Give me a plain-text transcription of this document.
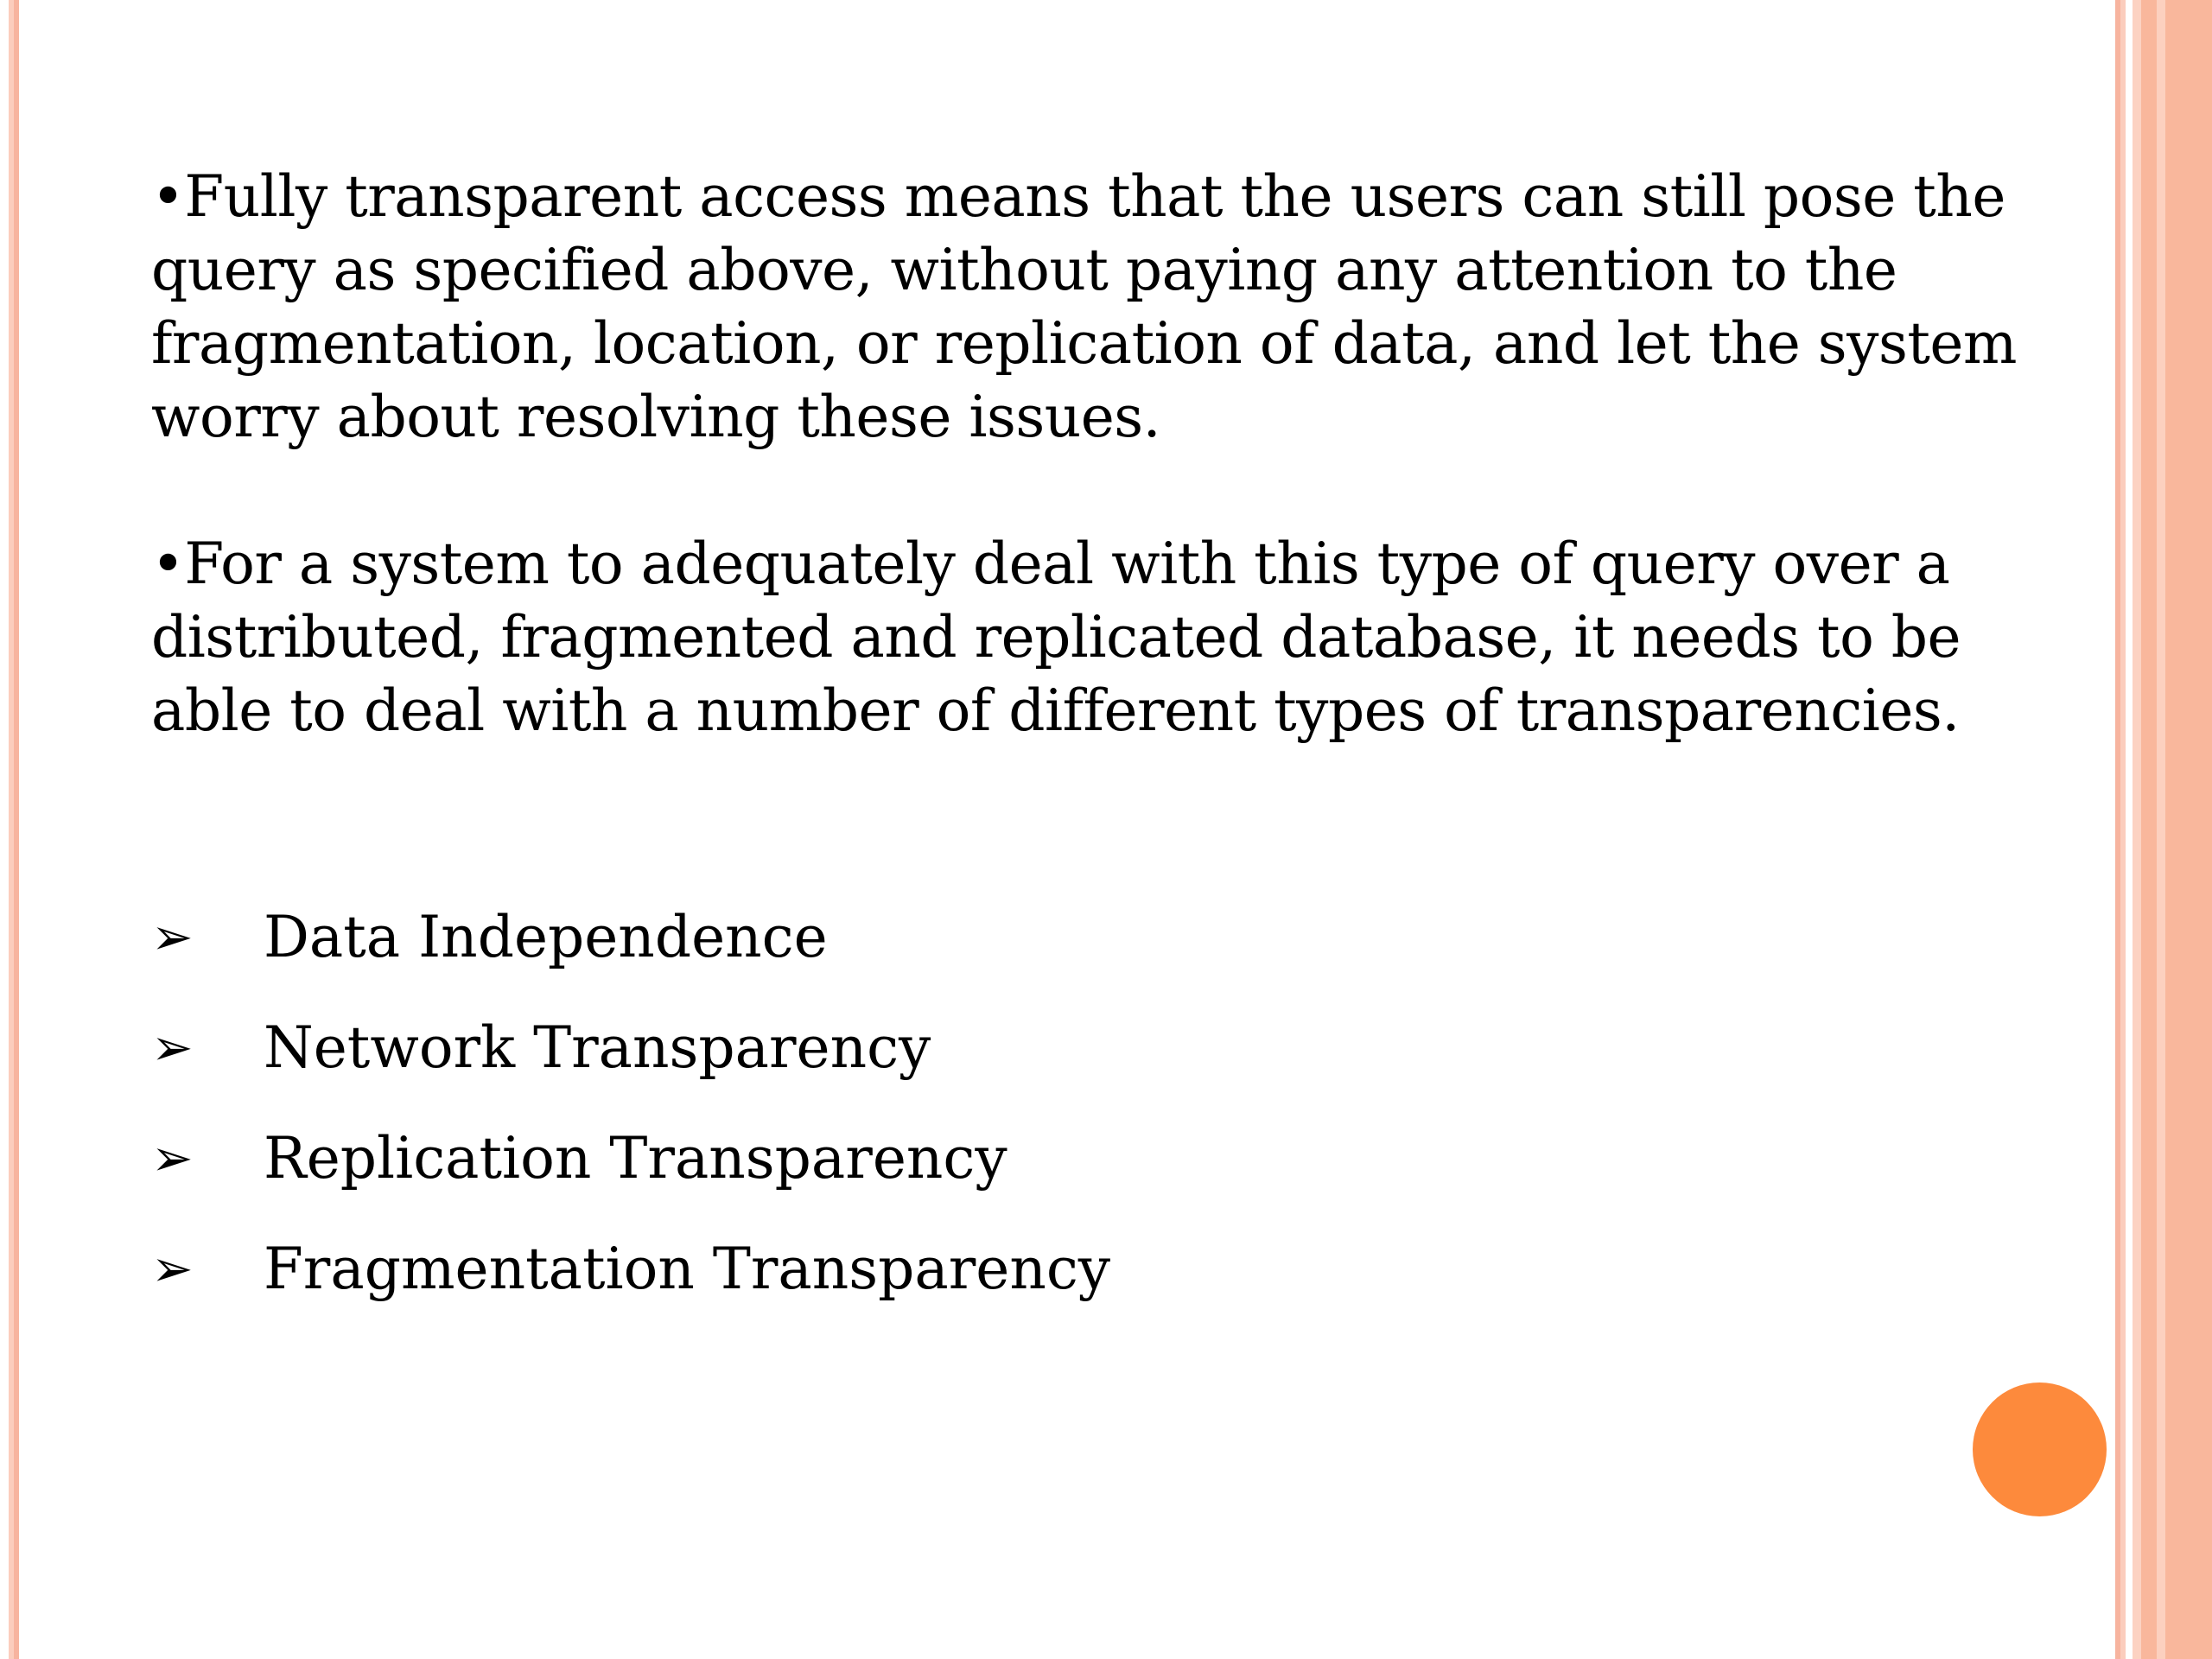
•Fully transparent access means that the users can still pose the
query as specified above, without paying any attention to the
fragmentation, location, or replication of data, and let the system
worry about resolving these issues.

•For a system to adequately deal with this type of query over a
distributed, fragmented and replicated database, it needs to be
able to deal with a number of different types of transparencies.

➢	Data Independence
➢	Network Transparency
➢	Replication Transparency
➢	Fragmentation Transparency
